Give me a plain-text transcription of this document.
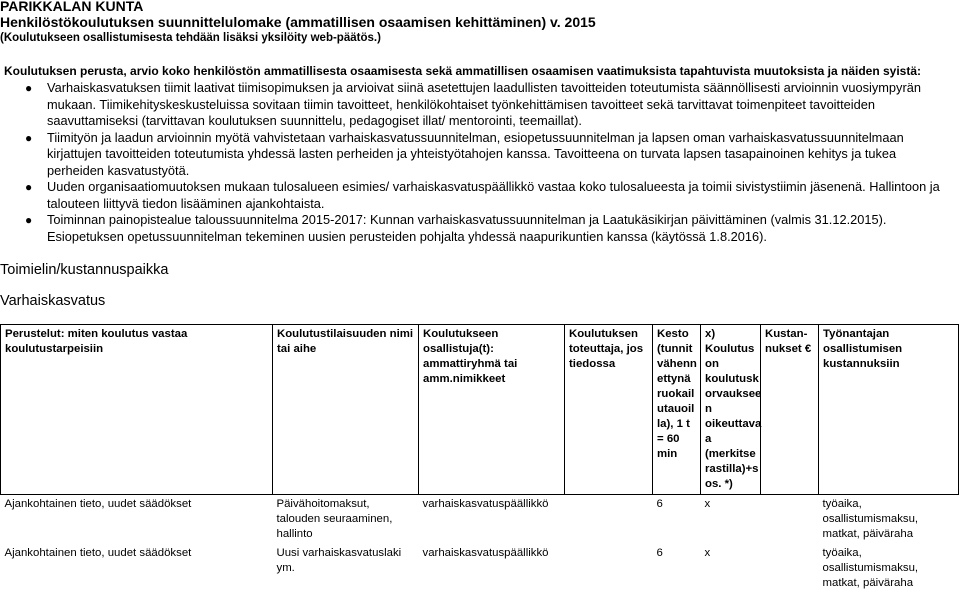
PARIKKALAN KUNTA
Henkilöstökoulutuksen suunnittelulomake (ammatillisen osaamisen kehittäminen) v. 2015
(Koulutukseen osallistumisesta tehdään lisäksi yksilöity web-päätös.)
Koulutuksen perusta, arvio koko henkilöstön ammatillisesta osaamisesta sekä ammatillisen osaamisen vaatimuksista tapahtuvista muutoksista ja näiden syistä:
● Varhaiskasvatuksen tiimit laativat tiimisopimuksen ja arvioivat siinä asetettujen laadullisten tavoitteiden toteutumista säännöllisesti arvioinnin vuosiympyrän mukaan. Tiimikehityskeskusteluissa sovitaan tiimin tavoitteet, henkilökohtaiset työnkehittämisen tavoitteet sekä tarvittavat toimenpiteet tavoitteiden saavuttamiseksi (tarvittavan koulutuksen suunnittelu, pedagogiset illat/ mentorointi, teemaillat).
● Tiimityön ja laadun arvioinnin myötä vahvistetaan varhaiskasvatussuunnitelman, esiopetussuunnitelman ja lapsen oman varhaiskasvatussuunnitelmaan kirjattujen tavoitteiden toteutumista yhdessä lasten perheiden ja yhteistyötahojen kanssa. Tavoitteena on turvata lapsen tasapainoinen kehitys ja tukea perheiden kasvatustyötä.
● Uuden organisaatiomuutoksen mukaan tulosalueen esimies/ varhaiskasvatuspäällikkö vastaa koko tulosalueesta ja toimii sivistystiimin jäsenenä. Hallintoon ja talouteen liittyvä tiedon lisääminen ajankohtaista.
● Toiminnan painopistealue taloussuunnitelma 2015-2017: Kunnan varhaiskasvatussuunnitelman ja Laatukäsikirjan päivittäminen (valmis 31.12.2015). Esiopetuksen opetussuunnitelman tekeminen uusien perusteiden pohjalta yhdessä naapurikuntien kanssa (käytössä 1.8.2016).
Toimielin/kustannuspaikka
Varhaiskasvatus
Perustelut: miten koulutus vastaa koulutustarpeisiin	Koulutustilaisuuden nimi tai aihe	Koulutukseen osallistuja(t): ammattiryhmä tai amm.nimikkeet	Koulutuksen toteuttaja, jos tiedossa	Kesto (tunnit vähenn ettynä ruokail utauoil la), 1 t = 60 min	x) Koulutus on koulutusk orvauksee n oikeuttava a (merkitse rastilla)+s os. *)	Kustan-nukset €	Työnantajan osallistumisen kustannuksiin
Ajankohtainen tieto, uudet säädökset	Päivähoitomaksut, talouden seuraaminen, hallinto	varhaiskasvatuspäällikkö		6	x		työaika, osallistumismaksu, matkat, päiväraha
Ajankohtainen tieto, uudet säädökset	Uusi varhaiskasvatuslaki ym.	varhaiskasvatuspäällikkö		6	x		työaika, osallistumismaksu, matkat, päiväraha
